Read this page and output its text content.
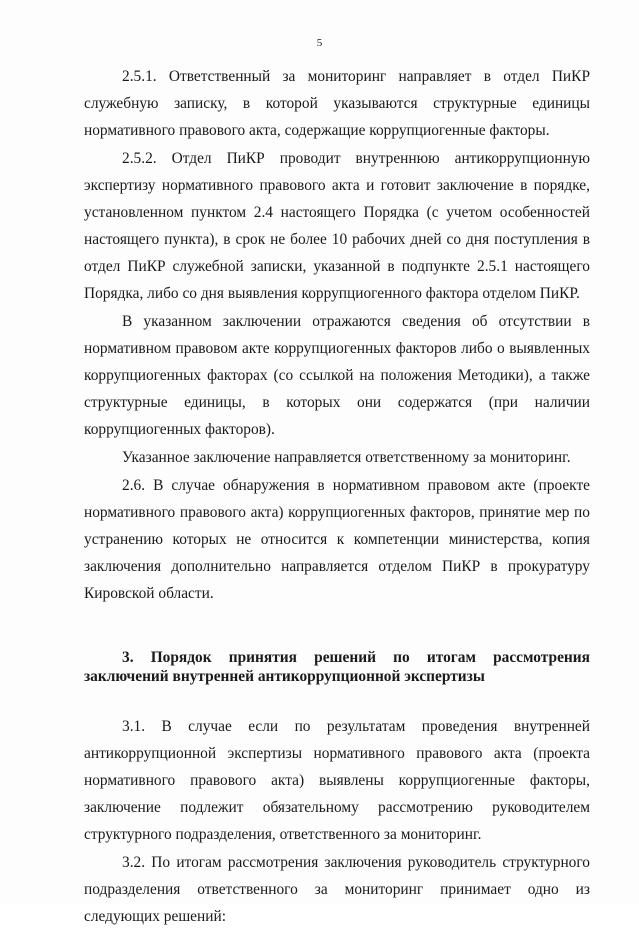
5

2.5.1. Ответственный за мониторинг направляет в отдел ПиКР служебную записку, в которой указываются структурные единицы нормативного правового акта, содержащие коррупциогенные факторы.

2.5.2. Отдел ПиКР проводит внутреннюю антикоррупционную экспертизу нормативного правового акта и готовит заключение в порядке, установленном пунктом 2.4 настоящего Порядка (с учетом особенностей настоящего пункта), в срок не более 10 рабочих дней со дня поступления в отдел ПиКР служебной записки, указанной в подпункте 2.5.1 настоящего Порядка, либо со дня выявления коррупциогенного фактора отделом ПиКР.

В указанном заключении отражаются сведения об отсутствии в нормативном правовом акте коррупциогенных факторов либо о выявленных коррупциогенных факторах (со ссылкой на положения Методики), а также структурные единицы, в которых они содержатся (при наличии коррупциогенных факторов).

Указанное заключение направляется ответственному за мониторинг.

2.6. В случае обнаружения в нормативном правовом акте (проекте нормативного правового акта) коррупциогенных факторов, принятие мер по устранению которых не относится к компетенции министерства, копия заключения дополнительно направляется отделом ПиКР в прокуратуру Кировской области.

3. Порядок принятия решений по итогам рассмотрения заключений внутренней антикоррупционной экспертизы

3.1. В случае если по результатам проведения внутренней антикоррупционной экспертизы нормативного правового акта (проекта нормативного правового акта) выявлены коррупциогенные факторы, заключение подлежит обязательному рассмотрению руководителем структурного подразделения, ответственного за мониторинг.

3.2. По итогам рассмотрения заключения руководитель структурного подразделения ответственного за мониторинг принимает одно из следующих решений:
